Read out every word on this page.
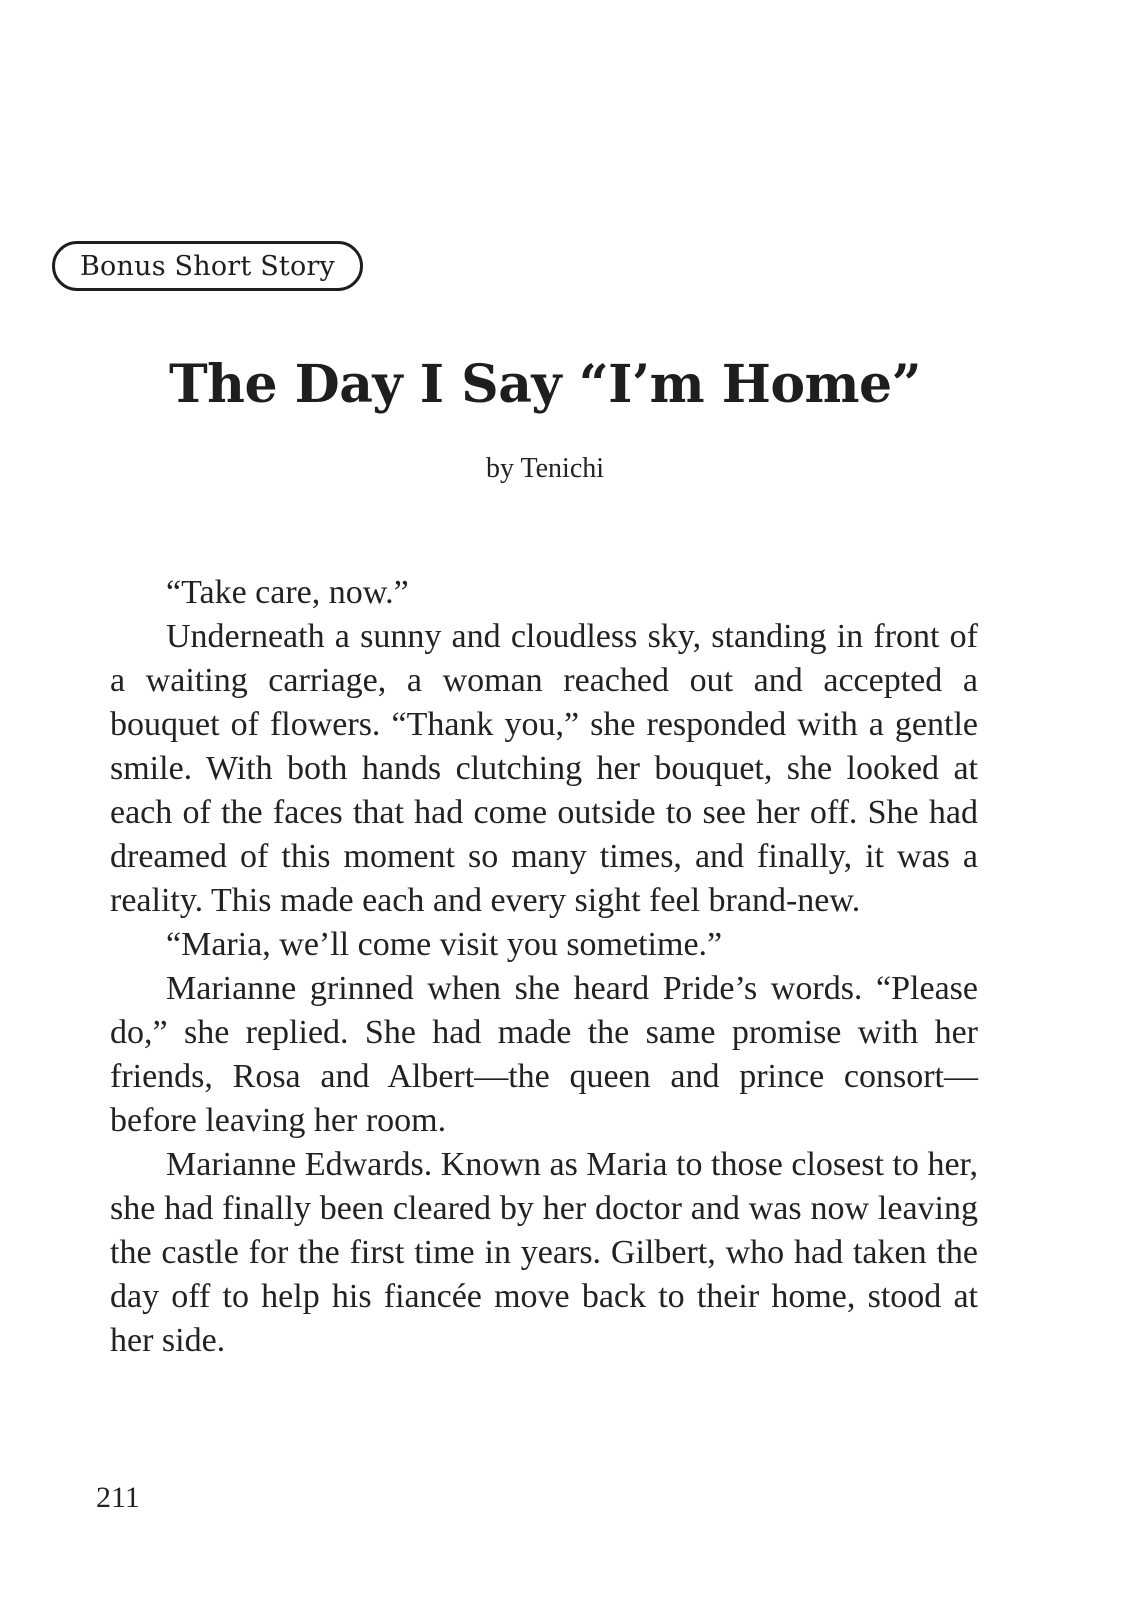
Bonus Short Story
The Day I Say “I’m Home”
by Tenichi

“Take care, now.”

Underneath a sunny and cloudless sky, standing in front of a waiting carriage, a woman reached out and accepted a bouquet of flowers. “Thank you,” she responded with a gentle smile. With both hands clutching her bouquet, she looked at each of the faces that had come outside to see her off. She had dreamed of this moment so many times, and finally, it was a reality. This made each and every sight feel brand-new.

“Maria, we’ll come visit you sometime.”

Marianne grinned when she heard Pride’s words. “Please do,” she replied. She had made the same promise with her friends, Rosa and Albert—the queen and prince consort—before leaving her room.

Marianne Edwards. Known as Maria to those closest to her, she had finally been cleared by her doctor and was now leaving the castle for the first time in years. Gilbert, who had taken the day off to help his fiancée move back to their home, stood at her side.

211
